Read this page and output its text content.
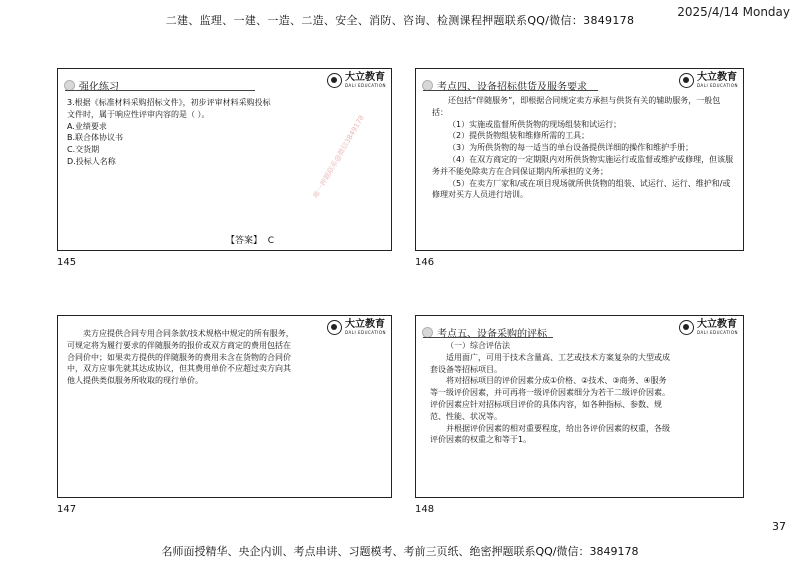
二建、监理、一建、一造、二造、安全、消防、咨询、检测课程押题联系QQ/微信：3849178
2025/4/14 Monday
强化练习
大立教育
DALI EDUCATION

3.根据《标准材料采购招标文件》，初步评审材料采购投标

文件时，属于响应性评审内容的是（ ）。

A.业绩要求

B.联合体协议书

C.交货期

D.投标人名称

【答案】 C
唯一押题联系@微信3849178
145
考点四、设备招标供货及服务要求
大立教育
DALI EDUCATION

还包括“伴随服务”，即根据合同规定卖方承担与供货有关的辅助服务，一般包括：

（1）实施或监督所供货物的现场组装和试运行；

（2）提供货物组装和维修所需的工具；

（3）为所供货物的每一适当的单台设备提供详细的操作和维护手册；

（4）在双方商定的一定期限内对所供货物实施运行或监督或维护或修理，但该服务并不能免除卖方在合同保证期内所承担的义务；

（5）在卖方厂家和/或在项目现场就所供货物的组装、试运行、运行、维护和/或修理对买方人员进行培训。

146
大立教育
DALI EDUCATION

卖方应提供合同专用合同条款/技术规格中规定的所有服务，可规定将为履行要求的伴随服务的报价或双方商定的费用包括在合同价中；如果卖方提供的伴随服务的费用未含在货物的合同价中，双方应事先就其达成协议，但其费用单价不应超过卖方向其他人提供类似服务所收取的现行单价。

147
考点五、设备采购的评标
大立教育
DALI EDUCATION

（一）综合评估法

适用面广，可用于技术含量高、工艺或技术方案复杂的大型或成套设备等招标项目。

将对招标项目的评价因素分成①价格、②技术、③商务、④服务等一级评价因素，并可再将一级评价因素细分为若干二级评价因素。评价因素应针对招标项目评价的具体内容，如各种指标、参数、规范、性能、状况等。

并根据评价因素的相对重要程度，给出各评价因素的权重，各级评价因素的权重之和等于1。

148
37
名师面授精华、央企内训、考点串讲、习题模考、考前三页纸、绝密押题联系QQ/微信：3849178
